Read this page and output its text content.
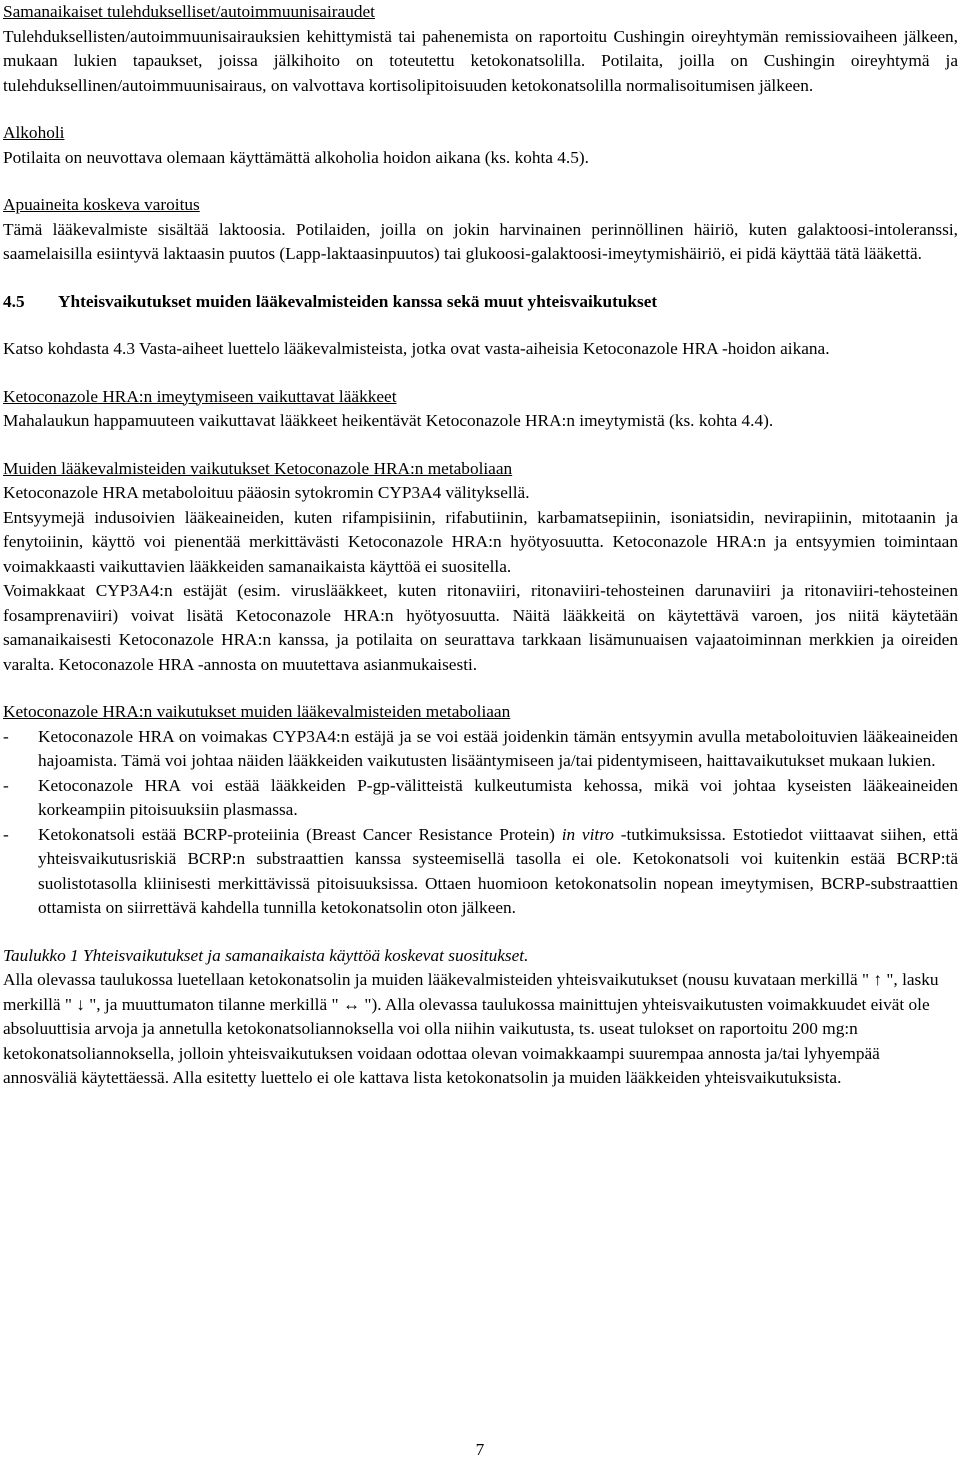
Samanaikaiset tulehdukselliset/autoimmuunisairaudet

Tulehduksellisten/autoimmuunisairauksien kehittymistä tai pahenemista on raportoitu Cushingin oireyhtymän remissiovaiheen jälkeen, mukaan lukien tapaukset, joissa jälkihoito on toteutettu ketokonatsolilla. Potilaita, joilla on Cushingin oireyhtymä ja tulehduksellinen/autoimmuunisairaus, on valvottava kortisolipitoisuuden ketokonatsolilla normalisoitumisen jälkeen.

Alkoholi

Potilaita on neuvottava olemaan käyttämättä alkoholia hoidon aikana (ks. kohta 4.5).

Apuaineita koskeva varoitus

Tämä lääkevalmiste sisältää laktoosia. Potilaiden, joilla on jokin harvinainen perinnöllinen häiriö, kuten galaktoosi-intoleranssi, saamelaisilla esiintyvä laktaasin puutos (Lapp-laktaasinpuutos) tai glukoosi-galaktoosi-imeytymishäiriö, ei pidä käyttää tätä lääkettä.

4.5	Yhteisvaikutukset muiden lääkevalmisteiden kanssa sekä muut yhteisvaikutukset

Katso kohdasta 4.3 Vasta-aiheet luettelo lääkevalmisteista, jotka ovat vasta-aiheisia Ketoconazole HRA -hoidon aikana.

Ketoconazole HRA:n imeytymiseen vaikuttavat lääkkeet

Mahalaukun happamuuteen vaikuttavat lääkkeet heikentävät Ketoconazole HRA:n imeytymistä (ks. kohta 4.4).

Muiden lääkevalmisteiden vaikutukset Ketoconazole HRA:n metaboliaan

Ketoconazole HRA metaboloituu pääosin sytokromin CYP3A4 välityksellä.

Entsyymejä indusoivien lääkeaineiden, kuten rifampisiinin, rifabutiinin, karbamatsepiinin, isoniatsidin, nevirapiinin, mitotaanin ja fenytoiinin, käyttö voi pienentää merkittävästi Ketoconazole HRA:n hyötyosuutta. Ketoconazole HRA:n ja entsyymien toimintaan voimakkaasti vaikuttavien lääkkeiden samanaikaista käyttöä ei suositella.

Voimakkaat CYP3A4:n estäjät (esim. viruslääkkeet, kuten ritonaviiri, ritonaviiri-tehosteinen darunaviiri ja ritonaviiri-tehosteinen fosamprenaviiri) voivat lisätä Ketoconazole HRA:n hyötyosuutta. Näitä lääkkeitä on käytettävä varoen, jos niitä käytetään samanaikaisesti Ketoconazole HRA:n kanssa, ja potilaita on seurattava tarkkaan lisämunuaisen vajaatoiminnan merkkien ja oireiden varalta. Ketoconazole HRA -annosta on muutettava asianmukaisesti.

Ketoconazole HRA:n vaikutukset muiden lääkevalmisteiden metaboliaan

-	Ketoconazole HRA on voimakas CYP3A4:n estäjä ja se voi estää joidenkin tämän entsyymin avulla metaboloituvien lääkeaineiden hajoamista. Tämä voi johtaa näiden lääkkeiden vaikutusten lisääntymiseen ja/tai pidentymiseen, haittavaikutukset mukaan lukien.
-	Ketoconazole HRA voi estää lääkkeiden P-gp-välitteistä kulkeutumista kehossa, mikä voi johtaa kyseisten lääkeaineiden korkeampiin pitoisuuksiin plasmassa.
-	Ketokonatsoli estää BCRP-proteiinia (Breast Cancer Resistance Protein) in vitro -tutkimuksissa. Estotiedot viittaavat siihen, että yhteisvaikutusriskiä BCRP:n substraattien kanssa systeemisellä tasolla ei ole. Ketokonatsoli voi kuitenkin estää BCRP:tä suolistotasolla kliinisesti merkittävissä pitoisuuksissa. Ottaen huomioon ketokonatsolin nopean imeytymisen, BCRP-substraattien ottamista on siirrettävä kahdella tunnilla ketokonatsolin oton jälkeen.

Taulukko 1 Yhteisvaikutukset ja samanaikaista käyttöä koskevat suositukset.

Alla olevassa taulukossa luetellaan ketokonatsolin ja muiden lääkevalmisteiden yhteisvaikutukset (nousu kuvataan merkillä " ↑ ", lasku merkillä " ↓ ", ja muuttumaton tilanne merkillä " ↔ "). Alla olevassa taulukossa mainittujen yhteisvaikutusten voimakkuudet eivät ole absoluuttisia arvoja ja annetulla ketokonatsoliannoksella voi olla niihin vaikutusta, ts. useat tulokset on raportoitu 200 mg:n ketokonatsoliannoksella, jolloin yhteisvaikutuksen voidaan odottaa olevan voimakkaampi suurempaa annosta ja/tai lyhyempää annosväliä käytettäessä. Alla esitetty luettelo ei ole kattava lista ketokonatsolin ja muiden lääkkeiden yhteisvaikutuksista.

7
